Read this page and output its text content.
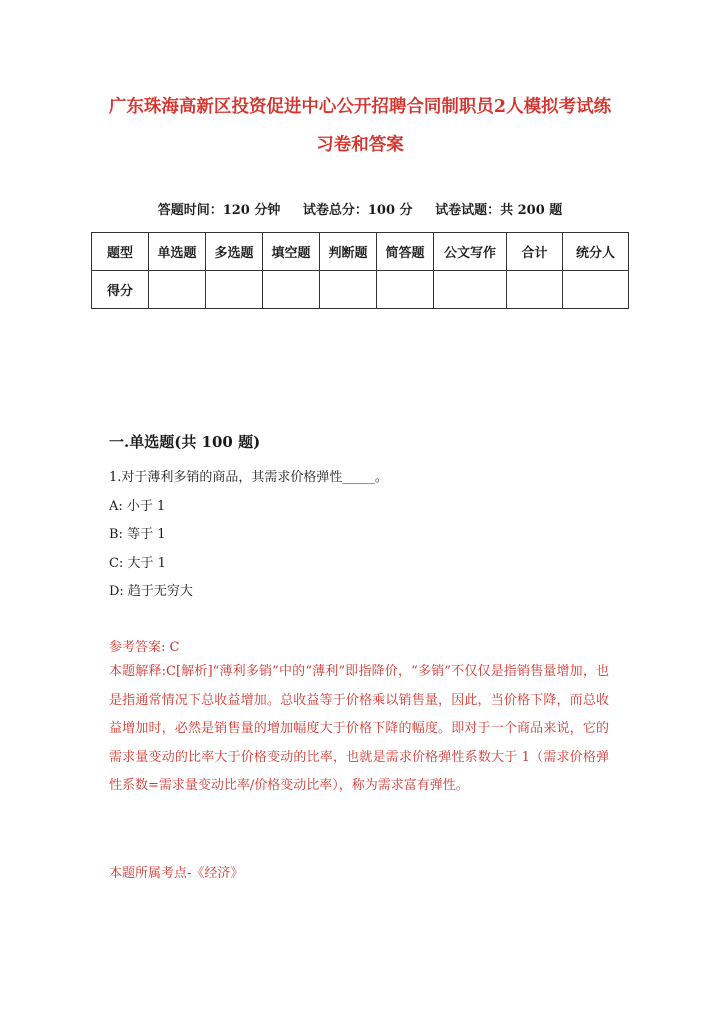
广东珠海高新区投资促进中心公开招聘合同制职员2人模拟考试练
习卷和答案
答题时间：120 分钟 试卷总分：100 分 试卷试题：共 200 题
题型	单选题	多选题	填空题	判断题	简答题	公文写作	合计	统分人
得分								
一.单选题(共 100 题)
1.对于薄利多销的商品，其需求价格弹性_____。
A: 小于 1
B: 等于 1
C: 大于 1
D: 趋于无穷大
参考答案: C
本题解释:C[解析]“薄利多销”中的“薄利”即指降价，“多销”不仅仅是指销售量增加，也是指通常情况下总收益增加。总收益等于价格乘以销售量，因此，当价格下降，而总收益增加时，必然是销售量的增加幅度大于价格下降的幅度。即对于一个商品来说，它的需求量变动的比率大于价格变动的比率，也就是需求价格弹性系数大于 1（需求价格弹性系数=需求量变动比率/价格变动比率），称为需求富有弹性。
本题所属考点-《经济》
